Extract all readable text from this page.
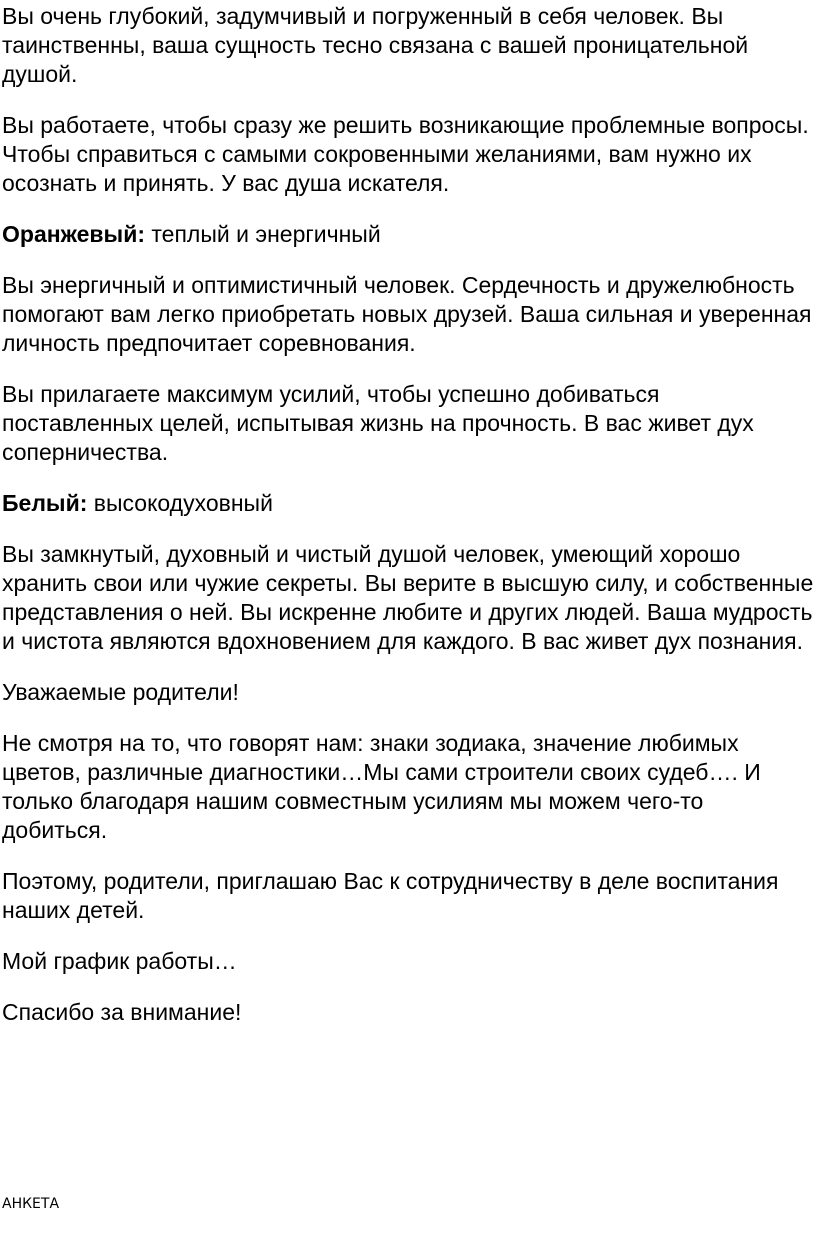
Вы очень глубокий, задумчивый и погруженный в себя человек. Вы таинственны, ваша сущность тесно связана с вашей проницательной душой.

Вы работаете, чтобы сразу же решить возникающие проблемные вопросы. Чтобы справиться с самыми сокровенными желаниями, вам нужно их осознать и принять. У вас душа искателя.

Оранжевый: теплый и энергичный

Вы энергичный и оптимистичный человек. Сердечность и дружелюбность помогают вам легко приобретать новых друзей. Ваша сильная и уверенная личность предпочитает соревнования.

Вы прилагаете максимум усилий, чтобы успешно добиваться поставленных целей, испытывая жизнь на прочность. В вас живет дух соперничества.

Белый: высокодуховный

Вы замкнутый, духовный и чистый душой человек, умеющий хорошо хранить свои или чужие секреты. Вы верите в высшую силу, и собственные представления о ней. Вы искренне любите и других людей. Ваша мудрость и чистота являются вдохновением для каждого. В вас живет дух познания.

Уважаемые родители!

Не смотря на то, что говорят нам: знаки зодиака, значение любимых цветов, различные диагностики…Мы сами строители своих судеб…. И только благодаря нашим совместным усилиям мы можем чего-то добиться.

Поэтому, родители, приглашаю Вас к сотрудничеству в деле воспитания наших детей.

Мой график работы…

Спасибо за внимание!

АНКЕТА
